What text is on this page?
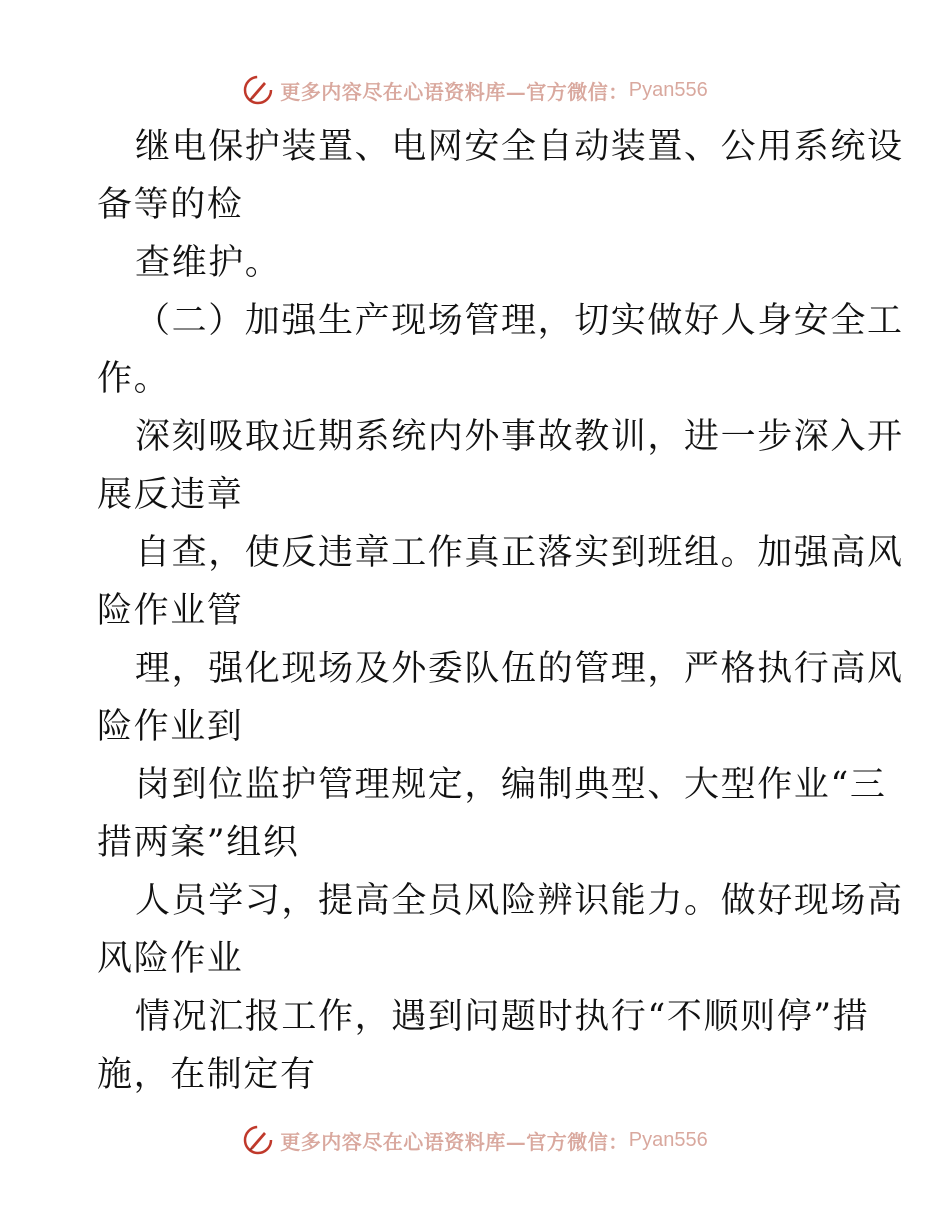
更多内容尽在心语资料库—官方微信： Pyan556
继电保护装置、电网安全自动装置、公用系统设
备等的检
查维护。
（二）加强生产现场管理，切实做好人身安全工
作。
深刻吸取近期系统内外事故教训，进一步深入开
展反违章
自查，使反违章工作真正落实到班组。加强高风
险作业管
理，强化现场及外委队伍的管理，严格执行高风
险作业到
岗到位监护管理规定，编制典型、大型作业“三
措两案”组织
人员学习，提高全员风险辨识能力。做好现场高
风险作业
情况汇报工作，遇到问题时执行“不顺则停”措
施，在制定有
更多内容尽在心语资料库—官方微信： Pyan556
